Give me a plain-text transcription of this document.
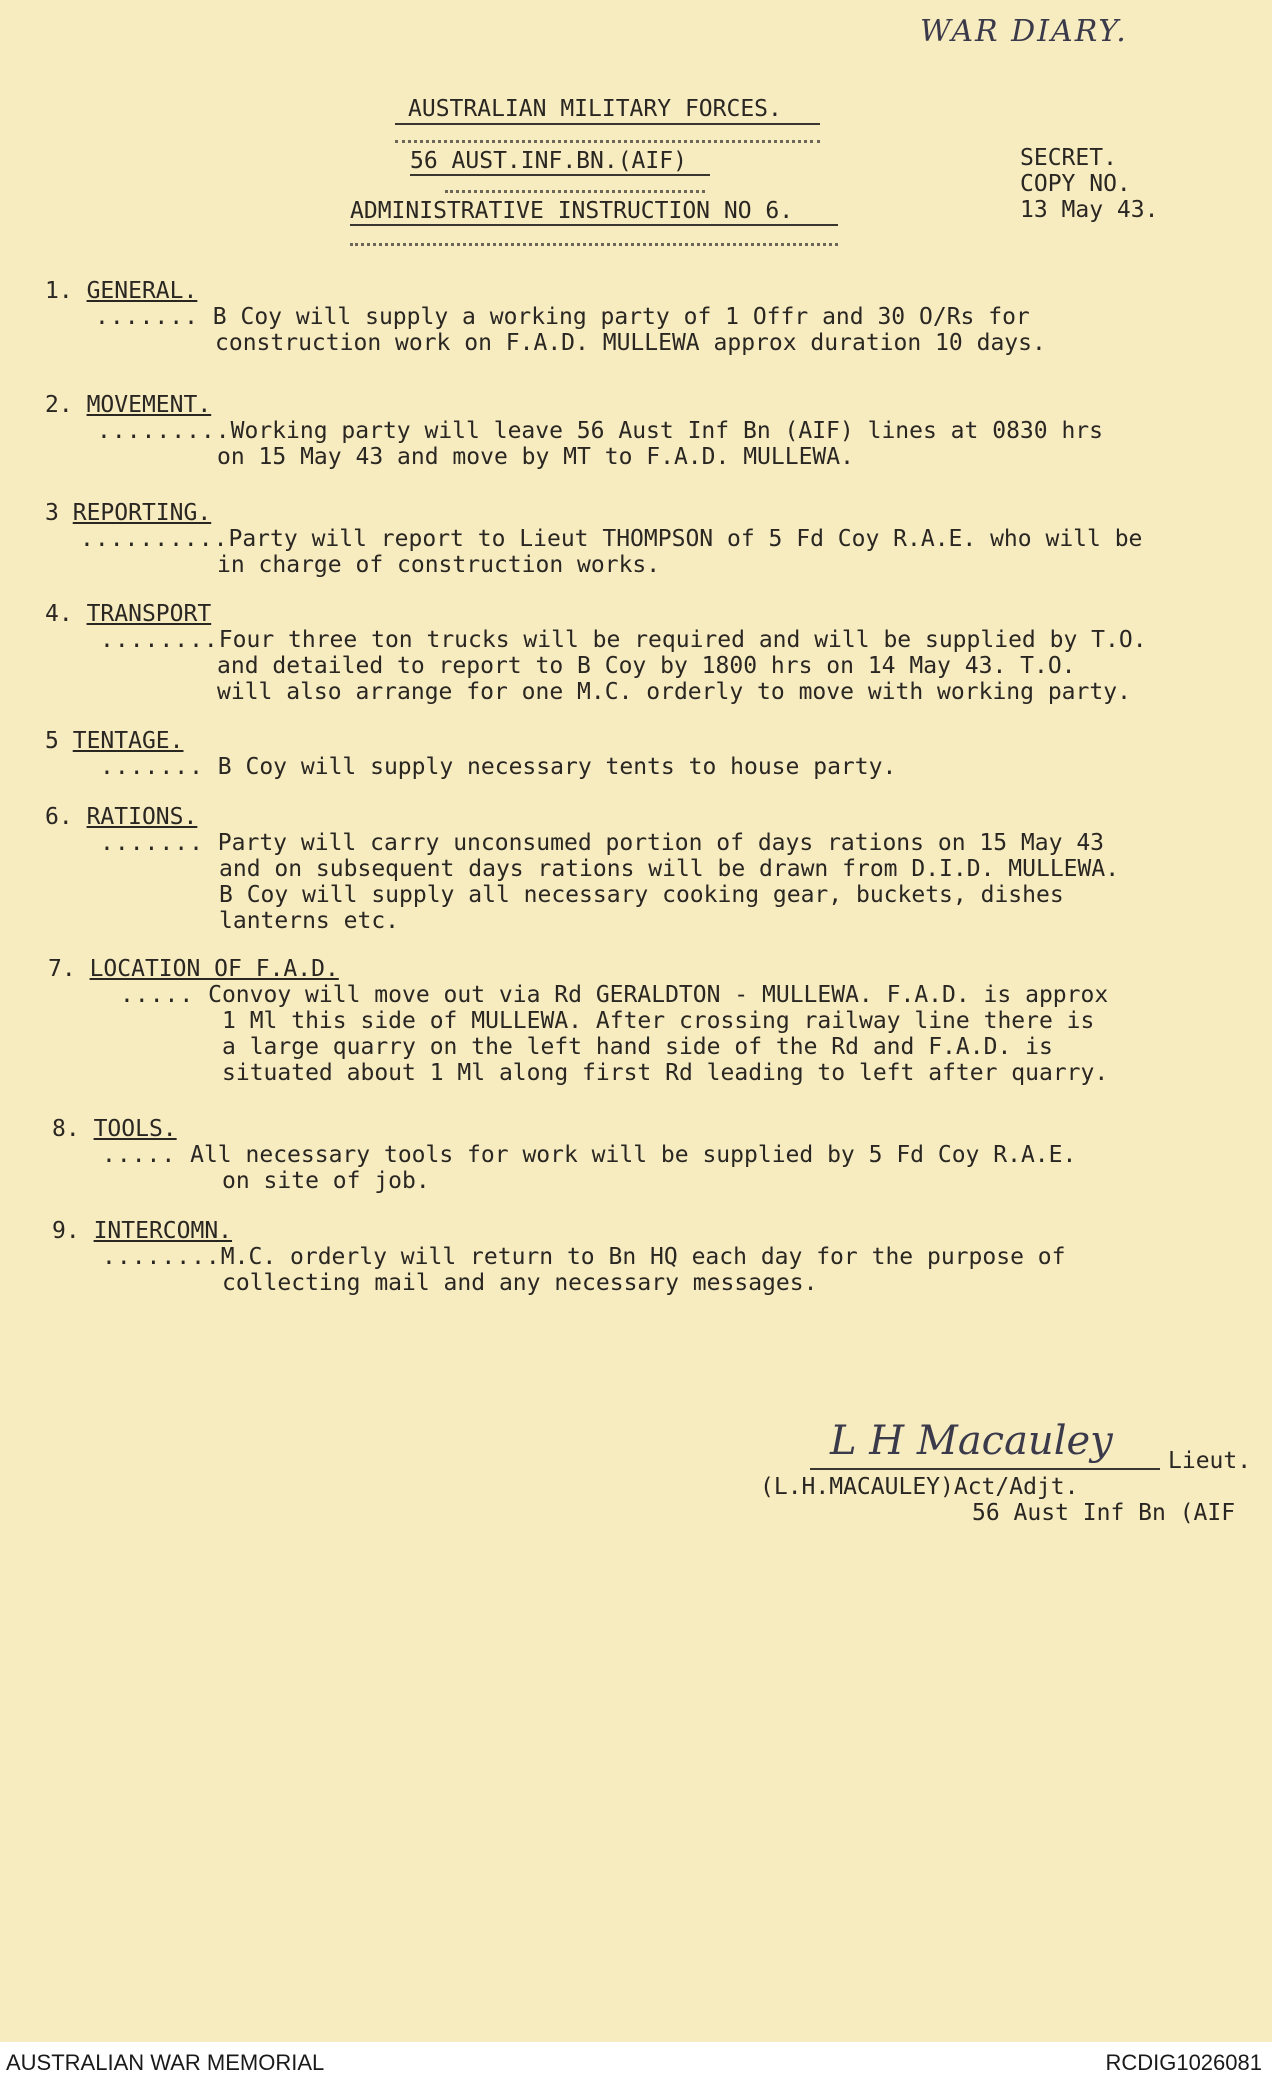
WAR DIARY.
AUSTRALIAN MILITARY FORCES.
56 AUST.INF.BN.(AIF)
ADMINISTRATIVE INSTRUCTION NO 6.
SECRET.
COPY NO.
13 May 43.
1. GENERAL.
....... B Coy will supply a working party of 1 Offr and 30 O/Rs for
construction work on F.A.D. MULLEWA approx duration 10 days.
2. MOVEMENT.
.........Working party will leave 56 Aust Inf Bn (AIF) lines at 0830 hrs
on 15 May 43 and move by MT to F.A.D. MULLEWA.
3 REPORTING.
..........Party will report to Lieut THOMPSON of 5 Fd Coy R.A.E. who will be
in charge of construction works.
4. TRANSPORT
........Four three ton trucks will be required and will be supplied by T.O.
and detailed to report to B Coy by 1800 hrs on 14 May 43. T.O.
will also arrange for one M.C. orderly to move with working party.
5 TENTAGE.
....... B Coy will supply necessary tents to house party.
6. RATIONS.
....... Party will carry unconsumed portion of days rations on 15 May 43
and on subsequent days rations will be drawn from D.I.D. MULLEWA.
B Coy will supply all necessary cooking gear, buckets, dishes
lanterns etc.
7. LOCATION OF F.A.D.
..... Convoy will move out via Rd GERALDTON - MULLEWA. F.A.D. is approx
1 Ml this side of MULLEWA. After crossing railway line there is
a large quarry on the left hand side of the Rd and F.A.D. is
situated about 1 Ml along first Rd leading to left after quarry.
8. TOOLS.
..... All necessary tools for work will be supplied by 5 Fd Coy R.A.E.
on site of job.
9. INTERCOMN.
........M.C. orderly will return to Bn HQ each day for the purpose of
collecting mail and any necessary messages.
L H Macauley Lieut.
(L.H.MACAULEY)Act/Adjt.
56 Aust Inf Bn (AIF
AUSTRALIAN WAR MEMORIAL	RCDIG1026081
